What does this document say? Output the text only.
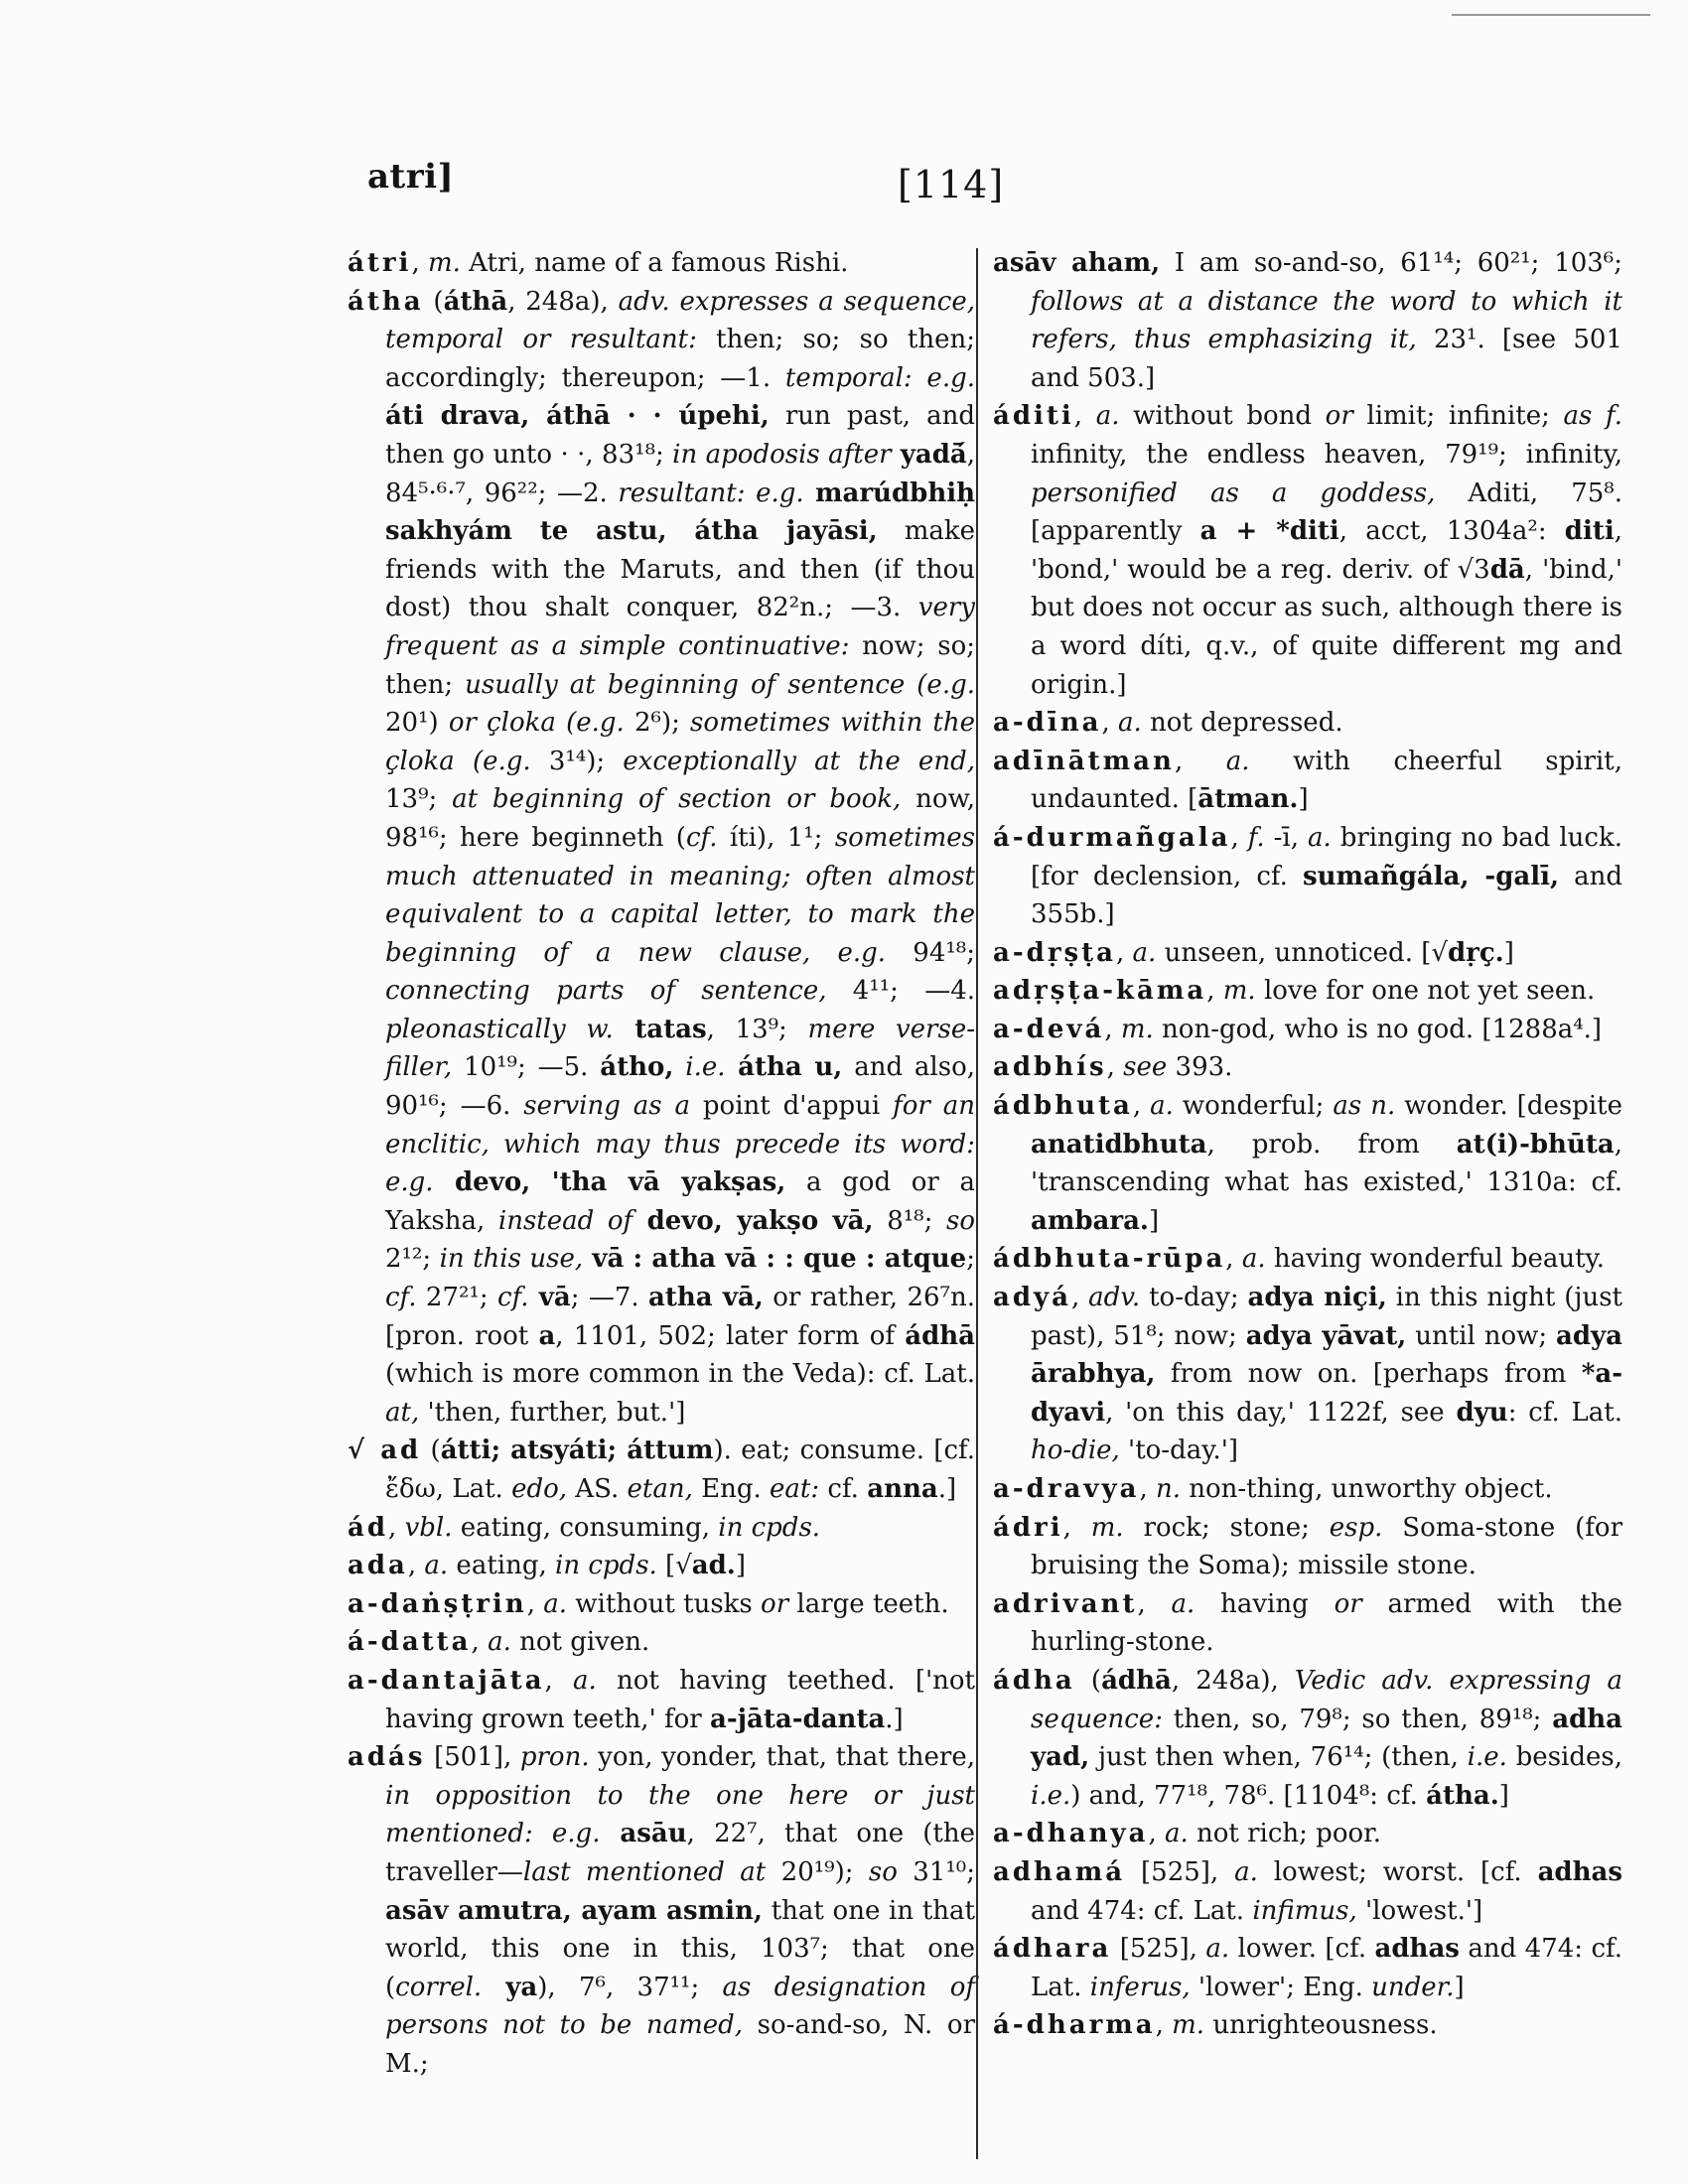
atri]	[114]

átri, m. Atri, name of a famous Rishi.

átha (áthā, 248a), adv. expresses a sequence, temporal or resultant: then; so; so then; accordingly; thereupon; —1. temporal: e.g. áti drava, áthā · · úpehi, run past, and then go unto · ·, 83¹⁸; in apodosis after yadā́, 84⁵·⁶·⁷, 96²²; —2. resultant: e.g. marúdbhiḥ sakhyám te astu, átha jayāsi, make friends with the Maruts, and then (if thou dost) thou shalt conquer, 82²n.; —3. very frequent as a simple continuative: now; so; then; usually at beginning of sentence (e.g. 20¹) or çloka (e.g. 2⁶); sometimes within the çloka (e.g. 3¹⁴); exceptionally at the end, 13⁹; at beginning of section or book, now, 98¹⁶; here beginneth (cf. íti), 1¹; sometimes much attenuated in meaning; often almost equivalent to a capital letter, to mark the beginning of a new clause, e.g. 94¹⁸; connecting parts of sentence, 4¹¹; —4. pleonastically w. tatas, 13⁹; mere verse-filler, 10¹⁹; —5. átho, i.e. átha u, and also, 90¹⁶; —6. serving as a point d'appui for an enclitic, which may thus precede its word: e.g. devo, 'tha vā yakṣas, a god or a Yaksha, instead of devo, yakṣo vā, 8¹⁸; so 2¹²; in this use, vā : atha vā : : que : atque; cf. 27²¹; cf. vā; —7. atha vā, or rather, 26⁷n. [pron. root a, 1101, 502; later form of ádhā (which is more common in the Veda): cf. Lat. at, 'then, further, but.']

√ ad (átti; atsyáti; áttum). eat; consume. [cf. ἔδω, Lat. edo, AS. etan, Eng. eat: cf. anna.]

ád, vbl. eating, consuming, in cpds.

ada, a. eating, in cpds. [√ad.]

a-daṅṣṭrin, a. without tusks or large teeth.

á-datta, a. not given.

a-dantajāta, a. not having teethed. ['not having grown teeth,' for a-jāta-danta.]

adás [501], pron. yon, yonder, that, that there, in opposition to the one here or just mentioned: e.g. asāu, 22⁷, that one (the traveller—last mentioned at 20¹⁹); so 31¹⁰; asāv amutra, ayam asmin, that one in that world, this one in this, 103⁷; that one (correl. ya), 7⁶, 37¹¹; as designation of persons not to be named, so-and-so, N. or M.;

asāv aham, I am so-and-so, 61¹⁴; 60²¹; 103⁶; follows at a distance the word to which it refers, thus emphasizing it, 23¹. [see 501 and 503.]

áditi, a. without bond or limit; infinite; as f. infinity, the endless heaven, 79¹⁹; infinity, personified as a goddess, Aditi, 75⁸. [apparently a + *diti, acct, 1304a²: diti, 'bond,' would be a reg. deriv. of √3dā, 'bind,' but does not occur as such, although there is a word díti, q.v., of quite different mg and origin.]

a-dīna, a. not depressed.

adīnātman, a. with cheerful spirit, undaunted. [ātman.]

á-durmañgala, f. -ī, a. bringing no bad luck. [for declension, cf. sumañgála, -galī, and 355b.]

a-dṛṣṭa, a. unseen, unnoticed. [√dṛç.]

adṛṣṭa-kāma, m. love for one not yet seen.

a-devá, m. non-god, who is no god. [1288a⁴.]

adbhís, see 393.

ádbhuta, a. wonderful; as n. wonder. [despite anatidbhuta, prob. from at(i)-bhūta, 'transcending what has existed,' 1310a: cf. ambara.]

ádbhuta-rūpa, a. having wonderful beauty.

adyá, adv. to-day; adya niçi, in this night (just past), 51⁸; now; adya yāvat, until now; adya ārabhya, from now on. [perhaps from *a-dyavi, 'on this day,' 1122f, see dyu: cf. Lat. ho-die, 'to-day.']

a-dravya, n. non-thing, unworthy object.

ádri, m. rock; stone; esp. Soma-stone (for bruising the Soma); missile stone.

adrivant, a. having or armed with the hurling-stone.

ádha (ádhā, 248a), Vedic adv. expressing a sequence: then, so, 79⁸; so then, 89¹⁸; adha yad, just then when, 76¹⁴; (then, i.e. besides, i.e.) and, 77¹⁸, 78⁶. [1104⁸: cf. átha.]

a-dhanya, a. not rich; poor.

adhamá [525], a. lowest; worst. [cf. adhas and 474: cf. Lat. infimus, 'lowest.']

ádhara [525], a. lower. [cf. adhas and 474: cf. Lat. inferus, 'lower'; Eng. under.]

á-dharma, m. unrighteousness.
